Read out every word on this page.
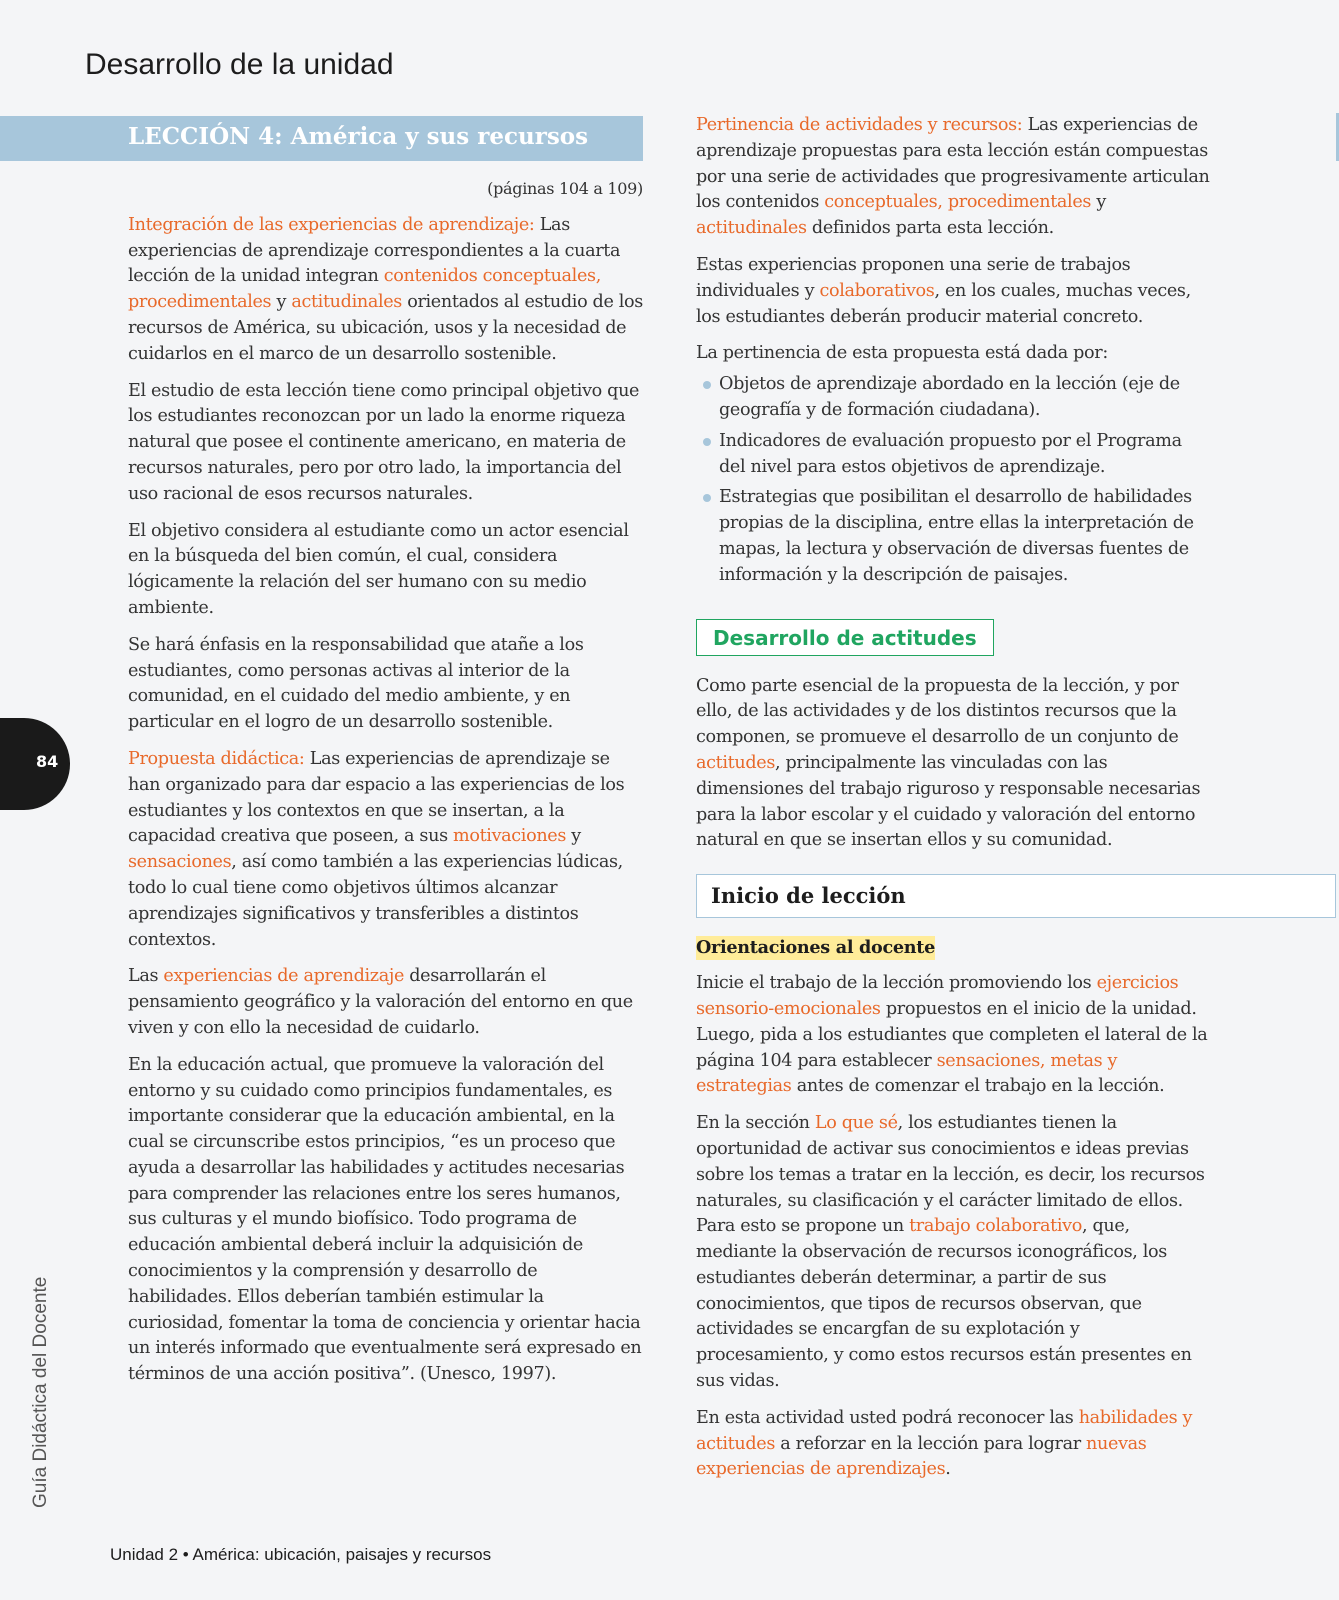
Desarrollo de la unidad
LECCIÓN 4: América y sus recursos

(páginas 104 a 109)

Integración de las experiencias de aprendizaje: Las experiencias de aprendizaje correspondientes a la cuarta lección de la unidad integran contenidos conceptuales, procedimentales y actitudinales orientados al estudio de los recursos de América, su ubicación, usos y la necesidad de cuidarlos en el marco de un desarrollo sostenible.

El estudio de esta lección tiene como principal objetivo que los estudiantes reconozcan por un lado la enorme riqueza natural que posee el continente americano, en materia de recursos naturales, pero por otro lado, la importancia del uso racional de esos recursos naturales.

El objetivo considera al estudiante como un actor esencial en la búsqueda del bien común, el cual, considera lógicamente la relación del ser humano con su medio ambiente.

Se hará énfasis en la responsabilidad que atañe a los estudiantes, como personas activas al interior de la comunidad, en el cuidado del medio ambiente, y en particular en el logro de un desarrollo sostenible.

Propuesta didáctica: Las experiencias de aprendizaje se han organizado para dar espacio a las experiencias de los estudiantes y los contextos en que se insertan, a la capacidad creativa que poseen, a sus motivaciones y sensaciones, así como también a las experiencias lúdicas, todo lo cual tiene como objetivos últimos alcanzar aprendizajes significativos y transferibles a distintos contextos.

Las experiencias de aprendizaje desarrollarán el pensamiento geográfico y la valoración del entorno en que viven y con ello la necesidad de cuidarlo.

En la educación actual, que promueve la valoración del entorno y su cuidado como principios fundamentales, es importante considerar que la educación ambiental, en la cual se circunscribe estos principios, “es un proceso que ayuda a desarrollar las habilidades y actitudes necesarias para comprender las relaciones entre los seres humanos, sus culturas y el mundo biofísico. Todo programa de educación ambiental deberá incluir la adquisición de conocimientos y la comprensión y desarrollo de habilidades. Ellos deberían también estimular la curiosidad, fomentar la toma de conciencia y orientar hacia un interés informado que eventualmente será expresado en términos de una acción positiva”. (Unesco, 1997).

Pertinencia de actividades y recursos: Las experiencias de aprendizaje propuestas para esta lección están compuestas por una serie de actividades que progresivamente articulan los contenidos conceptuales, procedimentales y actitudinales definidos parta esta lección.

Estas experiencias proponen una serie de trabajos individuales y colaborativos, en los cuales, muchas veces, los estudiantes deberán producir material concreto.

La pertinencia de esta propuesta está dada por:

Objetos de aprendizaje abordado en la lección (eje de geografía y de formación ciudadana).
Indicadores de evaluación propuesto por el Programa del nivel para estos objetivos de aprendizaje.
Estrategias que posibilitan el desarrollo de habilidades propias de la disciplina, entre ellas la interpretación de mapas, la lectura y observación de diversas fuentes de información y la descripción de paisajes.
Desarrollo de actitudes

Como parte esencial de la propuesta de la lección, y por ello, de las actividades y de los distintos recursos que la componen, se promueve el desarrollo de un conjunto de actitudes, principalmente las vinculadas con las dimensiones del trabajo riguroso y responsable necesarias para la labor escolar y el cuidado y valoración del entorno natural en que se insertan ellos y su comunidad.

Inicio de lección
Orientaciones al docente

Inicie el trabajo de la lección promoviendo los ejercicios sensorio-emocionales propuestos en el inicio de la unidad. Luego, pida a los estudiantes que completen el lateral de la página 104 para establecer sensaciones, metas y estrategias antes de comenzar el trabajo en la lección.

En la sección Lo que sé, los estudiantes tienen la oportunidad de activar sus conocimientos e ideas previas sobre los temas a tratar en la lección, es decir, los recursos naturales, su clasificación y el carácter limitado de ellos. Para esto se propone un trabajo colaborativo, que, mediante la observación de recursos iconográficos, los estudiantes deberán determinar, a partir de sus conocimientos, que tipos de recursos observan, que actividades se encargfan de su explotación y procesamiento, y como estos recursos están presentes en sus vidas.

En esta actividad usted podrá reconocer las habilidades y actitudes a reforzar en la lección para lograr nuevas experiencias de aprendizajes.

84
Guía Didáctica del Docente
Unidad 2 • América: ubicación, paisajes y recursos
